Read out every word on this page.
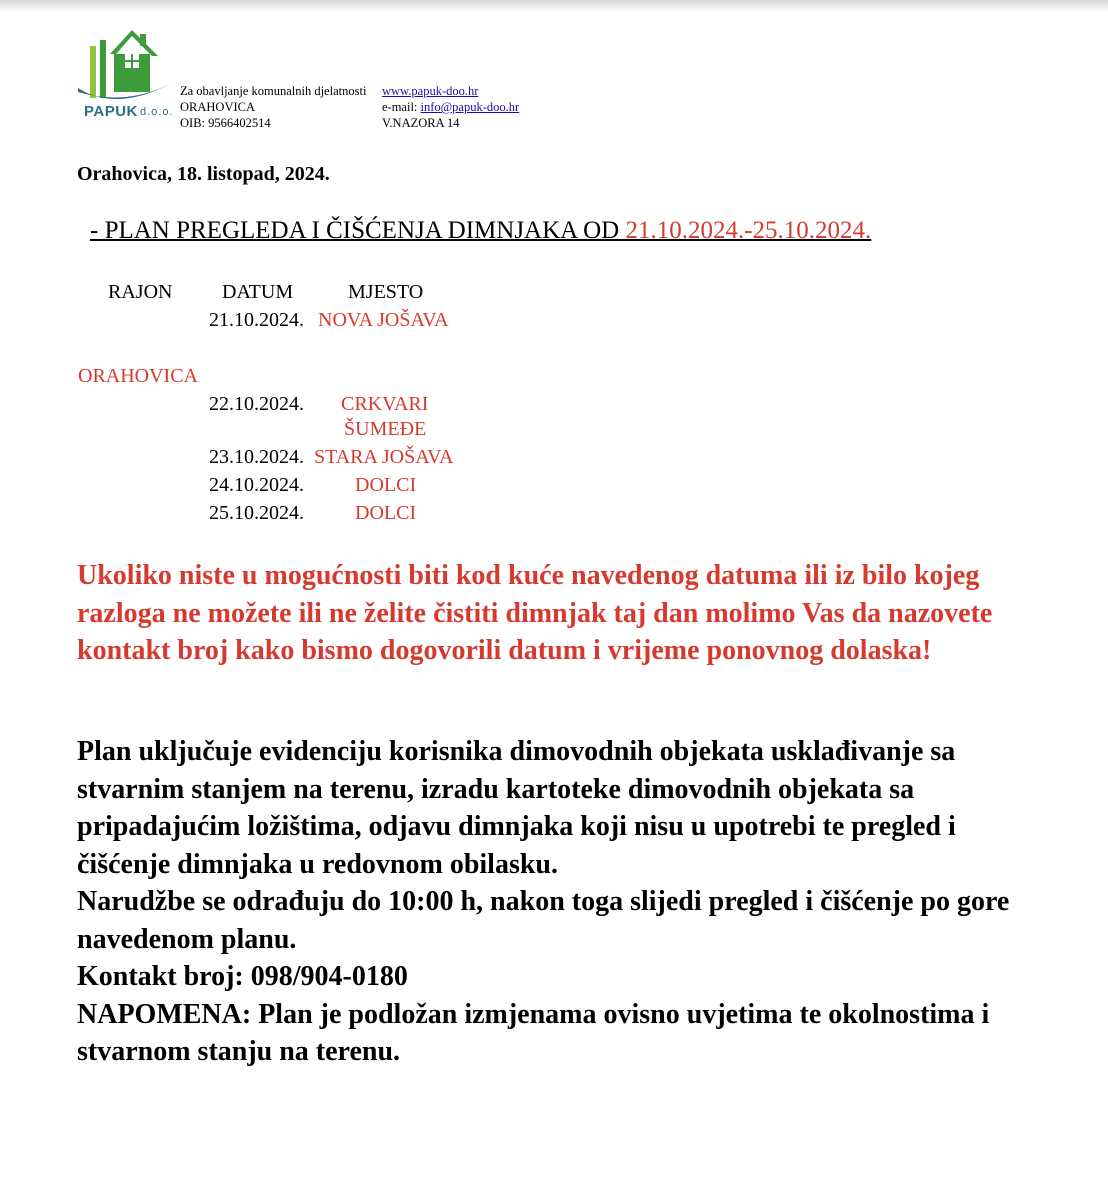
PAPUK d.o.o.
Za obavljanje komunalnih djelatnosti
ORAHOVICA
OIB: 9566402514
www.papuk-doo.hr
e-mail: info@papuk-doo.hr
V.NAZORA 14
Orahovica, 18. listopad, 2024.
- PLAN PREGLEDA I ČIŠĆENJA DIMNJAKA OD 21.10.2024.-25.10.2024.
RAJON DATUM	MJESTO
21.10.2024. NOVA JOŠAVA
ORAHOVICA
22.10.2024. CRKVARI
ŠUMEĐE
23.10.2024. STARA JOŠAVA
24.10.2024.	DOLCI
25.10.2024.	DOLCI
Ukoliko niste u mogućnosti biti kod kuće navedenog datuma ili iz bilo kojeg razloga ne možete ili ne želite čistiti dimnjak taj dan molimo Vas da nazovete kontakt broj kako bismo dogovorili datum i vrijeme ponovnog dolaska!

Plan uključuje evidenciju korisnika dimovodnih objekata usklađivanje sa stvarnim stanjem na terenu, izradu kartoteke dimovodnih objekata sa pripadajućim ložištima, odjavu dimnjaka koji nisu u upotrebi te pregled i čišćenje dimnjaka u redovnom obilasku.

Narudžbe se odrađuju do 10:00 h, nakon toga slijedi pregled i čišćenje po gore navedenom planu.

Kontakt broj: 098/904-0180

NAPOMENA: Plan je podložan izmjenama ovisno uvjetima te okolnostima i stvarnom stanju na terenu.
